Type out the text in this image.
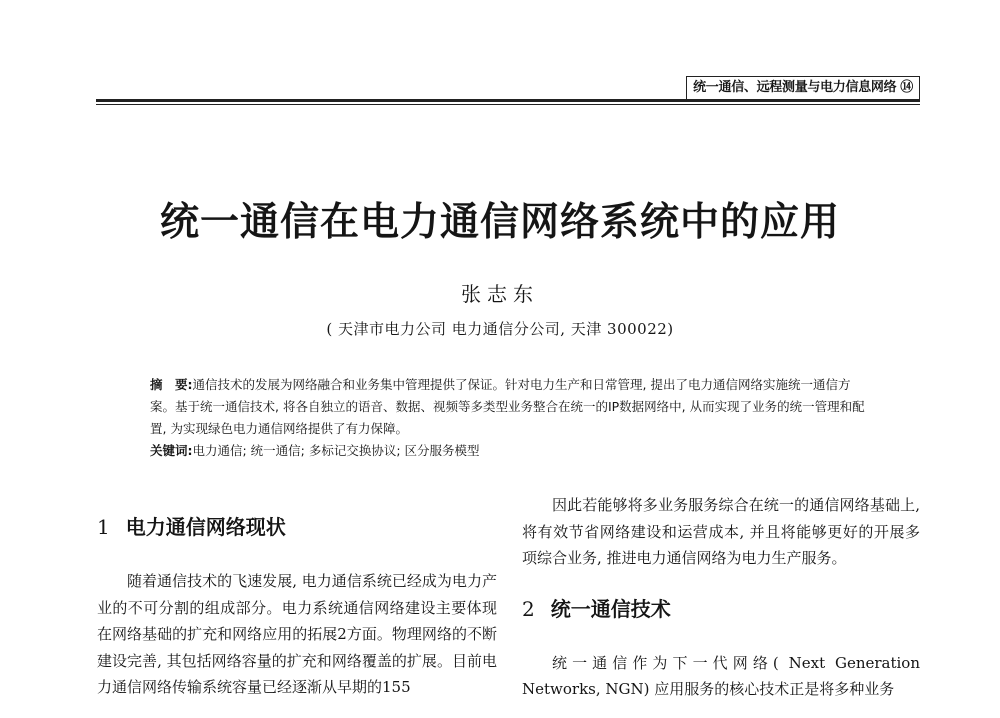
统一通信、远程测量与电力信息网络 ⑭
统一通信在电力通信网络系统中的应用
张志东
( 天津市电力公司 电力通信分公司, 天津 300022)

摘　要:通信技术的发展为网络融合和业务集中管理提供了保证。针对电力生产和日常管理, 提出了电力通信网络实施统一通信方案。基于统一通信技术, 将各自独立的语音、数据、视频等多类型业务整合在统一的IP数据网络中, 从而实现了业务的统一管理和配置, 为实现绿色电力通信网络提供了有力保障。

关键词:电力通信; 统一通信; 多标记交换协议; 区分服务模型

1 电力通信网络现状

随着通信技术的飞速发展, 电力通信系统已经成为电力产业的不可分割的组成部分。电力系统通信网络建设主要体现在网络基础的扩充和网络应用的拓展2方面。物理网络的不断建设完善, 其包括网络容量的扩充和网络覆盖的扩展。目前电力通信网络传输系统容量已经逐渐从早期的155

因此若能够将多业务服务综合在统一的通信网络基础上, 将有效节省网络建设和运营成本, 并且将能够更好的开展多项综合业务, 推进电力通信网络为电力生产服务。

2 统一通信技术

统一通信作为下一代网络( Next Generation Networks, NGN) 应用服务的核心技术正是将多种业务
